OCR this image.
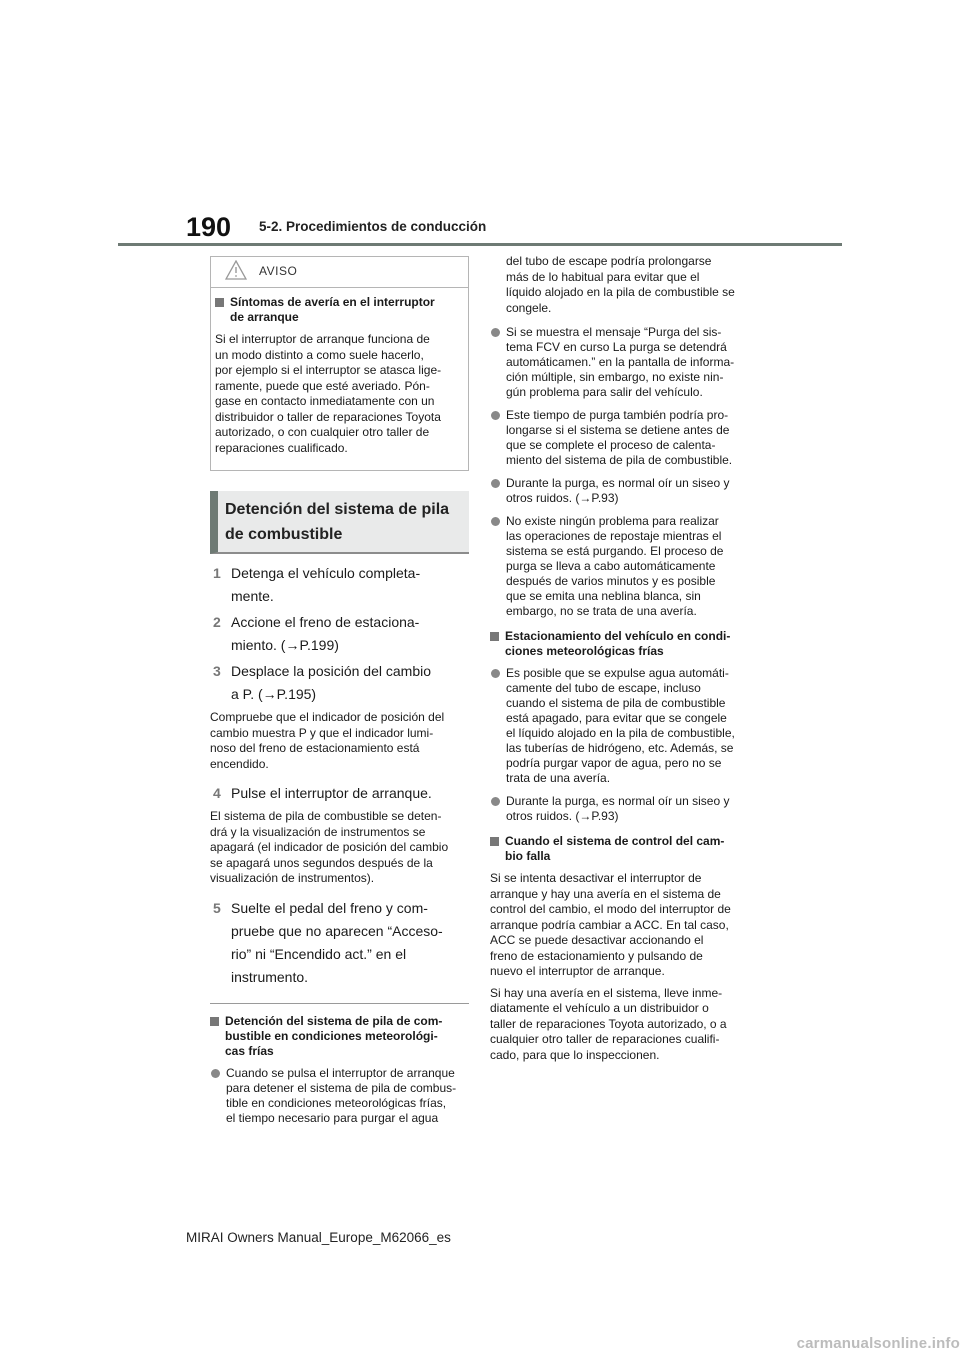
190 5-2. Procedimientos de conducción
AVISO
Síntomas de avería en el interruptor
de arranque
Si el interruptor de arranque funciona de
un modo distinto a como suele hacerlo,
por ejemplo si el interruptor se atasca lige-
ramente, puede que esté averiado. Pón-
gase en contacto inmediatamente con un
distribuidor o taller de reparaciones Toyota
autorizado, o con cualquier otro taller de
reparaciones cualificado.
Detención del sistema de pila
de combustible
1 Detenga el vehículo completa-
mente.
2 Accione el freno de estaciona-
miento. (→P.199)
3 Desplace la posición del cambio
a P. (→P.195)
Compruebe que el indicador de posición del
cambio muestra P y que el indicador lumi-
noso del freno de estacionamiento está
encendido.
4 Pulse el interruptor de arranque.
El sistema de pila de combustible se deten-
drá y la visualización de instrumentos se
apagará (el indicador de posición del cambio
se apagará unos segundos después de la
visualización de instrumentos).
5 Suelte el pedal del freno y com-
pruebe que no aparecen “Acceso-
rio” ni “Encendido act.” en el
instrumento.
Detención del sistema de pila de com-
bustible en condiciones meteorológi-
cas frías
Cuando se pulsa el interruptor de arranque
para detener el sistema de pila de combus-
tible en condiciones meteorológicas frías,
el tiempo necesario para purgar el agua
del tubo de escape podría prolongarse
más de lo habitual para evitar que el
líquido alojado en la pila de combustible se
congele.
Si se muestra el mensaje “Purga del sis-
tema FCV en curso La purga se detendrá
automáticamen.” en la pantalla de informa-
ción múltiple, sin embargo, no existe nin-
gún problema para salir del vehículo.
Este tiempo de purga también podría pro-
longarse si el sistema se detiene antes de
que se complete el proceso de calenta-
miento del sistema de pila de combustible.
Durante la purga, es normal oír un siseo y
otros ruidos. (→P.93)
No existe ningún problema para realizar
las operaciones de repostaje mientras el
sistema se está purgando. El proceso de
purga se lleva a cabo automáticamente
después de varios minutos y es posible
que se emita una neblina blanca, sin
embargo, no se trata de una avería.
Estacionamiento del vehículo en condi-
ciones meteorológicas frías
Es posible que se expulse agua automáti-
camente del tubo de escape, incluso
cuando el sistema de pila de combustible
está apagado, para evitar que se congele
el líquido alojado en la pila de combustible,
las tuberías de hidrógeno, etc. Además, se
podría purgar vapor de agua, pero no se
trata de una avería.
Durante la purga, es normal oír un siseo y
otros ruidos. (→P.93)
Cuando el sistema de control del cam-
bio falla
Si se intenta desactivar el interruptor de
arranque y hay una avería en el sistema de
control del cambio, el modo del interruptor de
arranque podría cambiar a ACC. En tal caso,
ACC se puede desactivar accionando el
freno de estacionamiento y pulsando de
nuevo el interruptor de arranque.
Si hay una avería en el sistema, lleve inme-
diatamente el vehículo a un distribuidor o
taller de reparaciones Toyota autorizado, o a
cualquier otro taller de reparaciones cualifi-
cado, para que lo inspeccionen.
MIRAI Owners Manual_Europe_M62066_es
carmanualsonline.info
